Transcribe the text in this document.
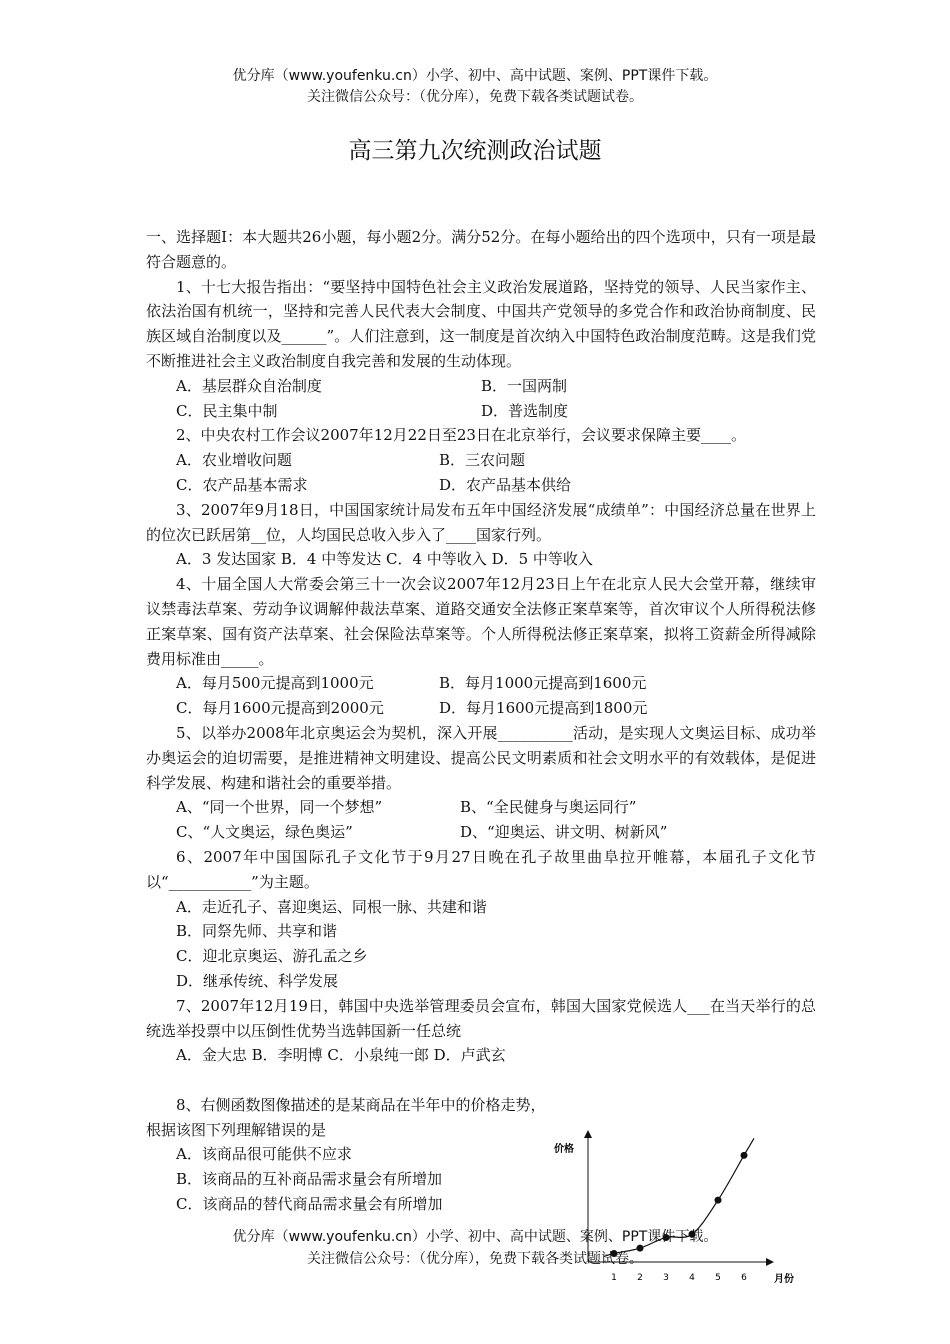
优分库（www.youfenku.cn）小学、初中、高中试题、案例、PPT课件下载。
关注微信公众号：（优分库），免费下载各类试题试卷。
高三第九次统测政治试题

一、选择题Ⅰ：本大题共26小题，每小题2分。满分52分。在每小题给出的四个选项中，只有一项是最符合题意的。

1、十七大报告指出：“要坚持中国特色社会主义政治发展道路，坚持党的领导、人民当家作主、依法治国有机统一，坚持和完善人民代表大会制度、中国共产党领导的多党合作和政治协商制度、民族区域自治制度以及______”。人们注意到，这一制度是首次纳入中国特色政治制度范畴。这是我们党不断推进社会主义政治制度自我完善和发展的生动体现。

A．基层群众自治制度	B．一国两制
C．民主集中制	D．普选制度

2、中央农村工作会议2007年12月22日至23日在北京举行，会议要求保障主要____。

A．农业增收问题	B．三农问题
C．农产品基本需求	D．农产品基本供给

3、2007年9月18日，中国国家统计局发布五年中国经济发展“成绩单”：中国经济总量在世界上的位次已跃居第__位，人均国民总收入步入了____国家行列。

A．3 发达国家 B．4 中等发达 C．4 中等收入 D．5 中等收入

4、十届全国人大常委会第三十一次会议2007年12月23日上午在北京人民大会堂开幕，继续审议禁毒法草案、劳动争议调解仲裁法草案、道路交通安全法修正案草案等，首次审议个人所得税法修正案草案、国有资产法草案、社会保险法草案等。个人所得税法修正案草案，拟将工资薪金所得减除费用标准由_____。

A．每月500元提高到1000元	B．每月1000元提高到1600元
C．每月1600元提高到2000元	D．每月1600元提高到1800元

5、以举办2008年北京奥运会为契机，深入开展__________活动，是实现人文奥运目标、成功举办奥运会的迫切需要，是推进精神文明建设、提高公民文明素质和社会文明水平的有效载体，是促进科学发展、构建和谐社会的重要举措。

A、“同一个世界，同一个梦想”	B、“全民健身与奥运同行”
C、“人文奥运，绿色奥运”	D、“迎奥运、讲文明、树新风”

6、2007年中国国际孔子文化节于9月27日晚在孔子故里曲阜拉开帷幕，本届孔子文化节以“___________”为主题。

A．走近孔子、喜迎奥运、同根一脉、共建和谐

B．同祭先师、共享和谐

C．迎北京奥运、游孔孟之乡

D．继承传统、科学发展

7、2007年12月19日，韩国中央选举管理委员会宣布，韩国大国家党候选人___在当天举行的总统选举投票中以压倒性优势当选韩国新一任总统

A．金大忠 B．李明博 C．小泉纯一郎 D．卢武玄

8、右侧函数图像描述的是某商品在半年中的价格走势，

根据该图下列理解错误的是

A．该商品很可能供不应求

B．该商品的互补商品需求量会有所增加

C．该商品的替代商品需求量会有所增加

价格
月份
1 2 3 4 5 6
优分库（www.youfenku.cn）小学、初中、高中试题、案例、PPT课件下载。
关注微信公众号：（优分库），免费下载各类试题试卷。
